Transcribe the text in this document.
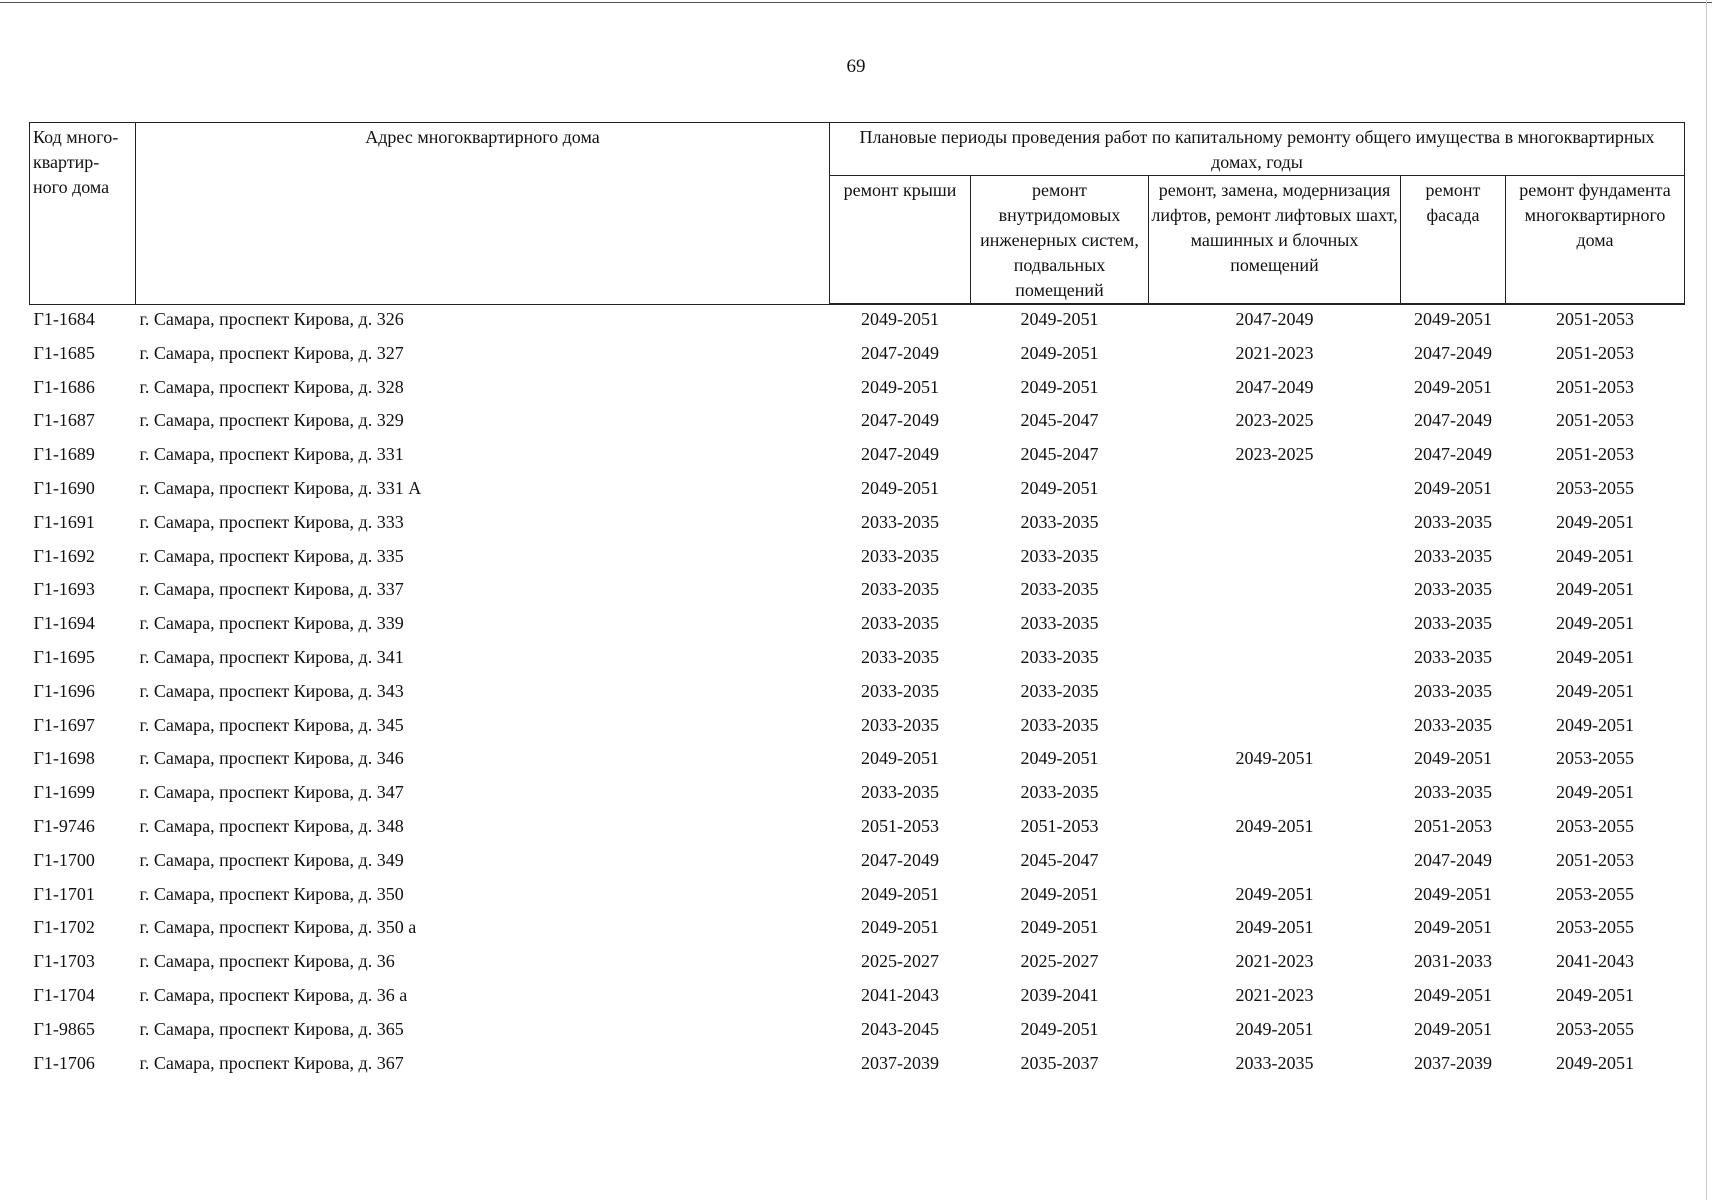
69
Код много-квартир-ного дома	Адрес многоквартирного дома	Плановые периоды проведения работ по капитальному ремонту общего имущества в многоквартирных домах, годы				
		ремонт крыши	ремонт внутридомовых инженерных систем, подвальных помещений	ремонт, замена, модернизация лифтов, ремонт лифтовых шахт, машинных и блочных помещений	ремонт фасада	ремонт фундамента многоквартирного дома
Г1-1684	г. Самара, проспект Кирова, д. 326	2049-2051	2049-2051	2047-2049	2049-2051	2051-2053
Г1-1685	г. Самара, проспект Кирова, д. 327	2047-2049	2049-2051	2021-2023	2047-2049	2051-2053
Г1-1686	г. Самара, проспект Кирова, д. 328	2049-2051	2049-2051	2047-2049	2049-2051	2051-2053
Г1-1687	г. Самара, проспект Кирова, д. 329	2047-2049	2045-2047	2023-2025	2047-2049	2051-2053
Г1-1689	г. Самара, проспект Кирова, д. 331	2047-2049	2045-2047	2023-2025	2047-2049	2051-2053
Г1-1690	г. Самара, проспект Кирова, д. 331 А	2049-2051	2049-2051		2049-2051	2053-2055
Г1-1691	г. Самара, проспект Кирова, д. 333	2033-2035	2033-2035		2033-2035	2049-2051
Г1-1692	г. Самара, проспект Кирова, д. 335	2033-2035	2033-2035		2033-2035	2049-2051
Г1-1693	г. Самара, проспект Кирова, д. 337	2033-2035	2033-2035		2033-2035	2049-2051
Г1-1694	г. Самара, проспект Кирова, д. 339	2033-2035	2033-2035		2033-2035	2049-2051
Г1-1695	г. Самара, проспект Кирова, д. 341	2033-2035	2033-2035		2033-2035	2049-2051
Г1-1696	г. Самара, проспект Кирова, д. 343	2033-2035	2033-2035		2033-2035	2049-2051
Г1-1697	г. Самара, проспект Кирова, д. 345	2033-2035	2033-2035		2033-2035	2049-2051
Г1-1698	г. Самара, проспект Кирова, д. 346	2049-2051	2049-2051	2049-2051	2049-2051	2053-2055
Г1-1699	г. Самара, проспект Кирова, д. 347	2033-2035	2033-2035		2033-2035	2049-2051
Г1-9746	г. Самара, проспект Кирова, д. 348	2051-2053	2051-2053	2049-2051	2051-2053	2053-2055
Г1-1700	г. Самара, проспект Кирова, д. 349	2047-2049	2045-2047		2047-2049	2051-2053
Г1-1701	г. Самара, проспект Кирова, д. 350	2049-2051	2049-2051	2049-2051	2049-2051	2053-2055
Г1-1702	г. Самара, проспект Кирова, д. 350 а	2049-2051	2049-2051	2049-2051	2049-2051	2053-2055
Г1-1703	г. Самара, проспект Кирова, д. 36	2025-2027	2025-2027	2021-2023	2031-2033	2041-2043
Г1-1704	г. Самара, проспект Кирова, д. 36 а	2041-2043	2039-2041	2021-2023	2049-2051	2049-2051
Г1-9865	г. Самара, проспект Кирова, д. 365	2043-2045	2049-2051	2049-2051	2049-2051	2053-2055
Г1-1706	г. Самара, проспект Кирова, д. 367	2037-2039	2035-2037	2033-2035	2037-2039	2049-2051
